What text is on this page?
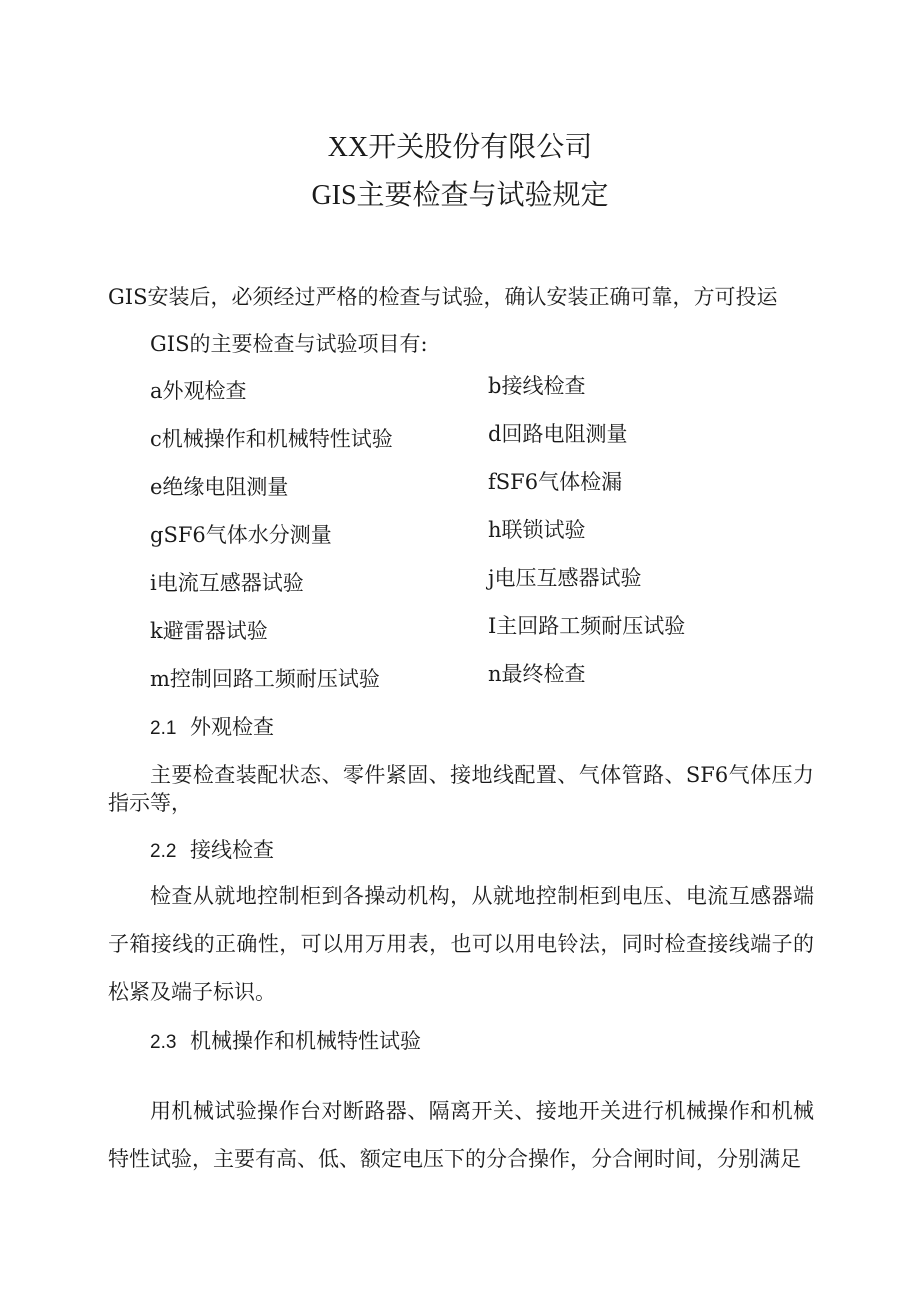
XX开关股份有限公司
GIS主要检查与试验规定
GIS安装后，必须经过严格的检查与试验，确认安装正确可靠，方可投运
GIS的主要检查与试验项目有:
a外观检查
c机械操作和机械特性试验
e绝缘电阻测量
gSF6气体水分测量
i电流互感器试验
k避雷器试验
m控制回路工频耐压试验
b接线检查
d回路电阻测量
fSF6气体检漏
h联锁试验
j电压互感器试验
I主回路工频耐压试验
n最终检查
2.1 外观检查
主要检查装配状态、零件紧固、接地线配置、气体管路、SF6气体压力指示等，
2.2 接线检查
检查从就地控制柜到各操动机构，从就地控制柜到电压、电流互感器端子箱接线的正确性，可以用万用表，也可以用电铃法，同时检查接线端子的松紧及端子标识。
2.3 机械操作和机械特性试验
用机械试验操作台对断路器、隔离开关、接地开关进行机械操作和机械特性试验，主要有高、低、额定电压下的分合操作，分合闸时间，分别满足
